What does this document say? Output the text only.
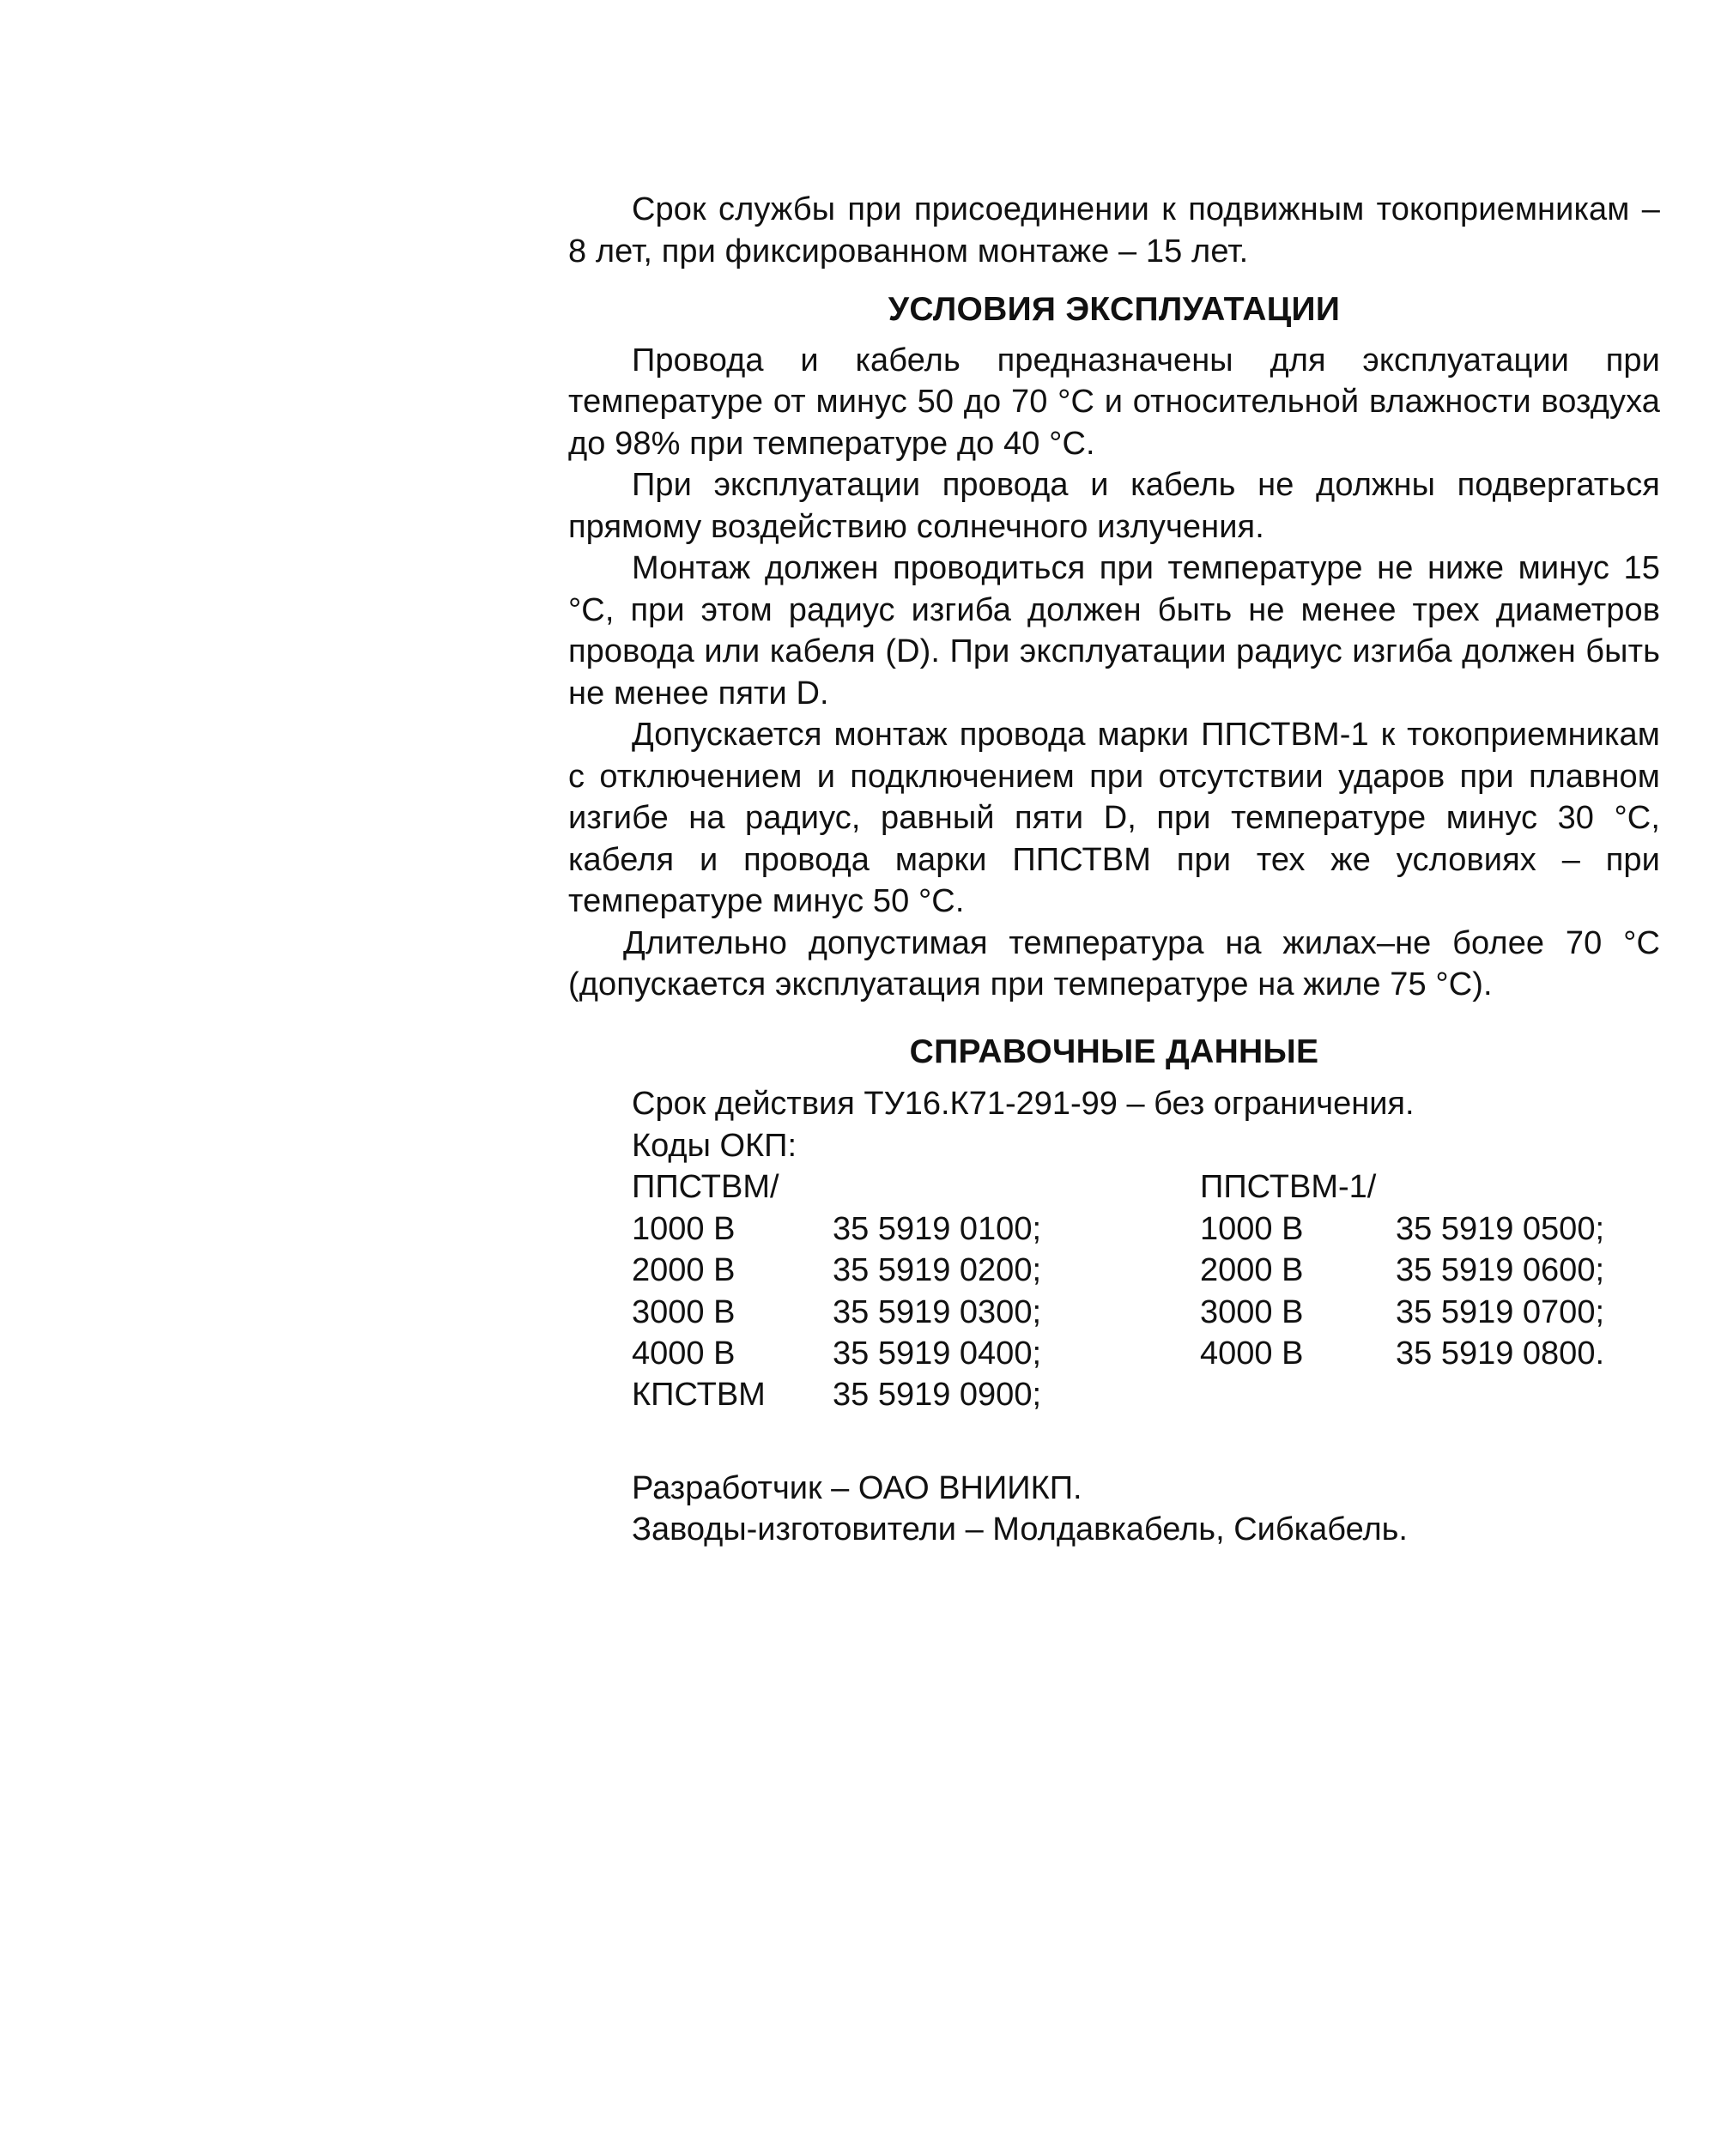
Срок службы при присоединении к подвижным токоприемникам – 8 лет, при фиксированном монтаже – 15 лет.

УСЛОВИЯ ЭКСПЛУАТАЦИИ

Провода и кабель предназначены для эксплуатации при температуре от минус 50 до 70 °С и относительной влажности воздуха до 98% при температуре до 40 °С.

При эксплуатации провода и кабель не должны подвергаться прямому воздействию солнечного излучения.

Монтаж должен проводиться при температуре не ниже минус 15 °С, при этом радиус изгиба должен быть не менее трех диаметров провода или кабеля (D). При эксплуатации радиус изгиба должен быть не менее пяти D.

Допускается монтаж провода марки ППСТВМ-1 к токоприемникам с отключением и подключением при отсутствии ударов при плавном изгибе на радиус, равный пяти D, при температуре минус 30 °С, кабеля и провода марки ППСТВМ при тех же условиях – при температуре минус 50 °С.

Длительно допустимая температура на жилах–не более 70 °С (допускается эксплуатация при температуре на жиле 75 °С).

СПРАВОЧНЫЕ ДАННЫЕ

Срок действия ТУ16.К71-291-99 – без ограничения.

Коды ОКП:

ППСТВМ/

1000 В	35 5919 0100;
2000 В	35 5919 0200;
3000 В	35 5919 0300;
4000 В	35 5919 0400;

ППСТВМ-1/

1000 В	35 5919 0500;
2000 В	35 5919 0600;
3000 В	35 5919 0700;
4000 В	35 5919 0800.
КПСТВМ 35 5919 0900;

Разработчик – ОАО ВНИИКП.

Заводы-изготовители – Молдавкабель, Сибкабель.
